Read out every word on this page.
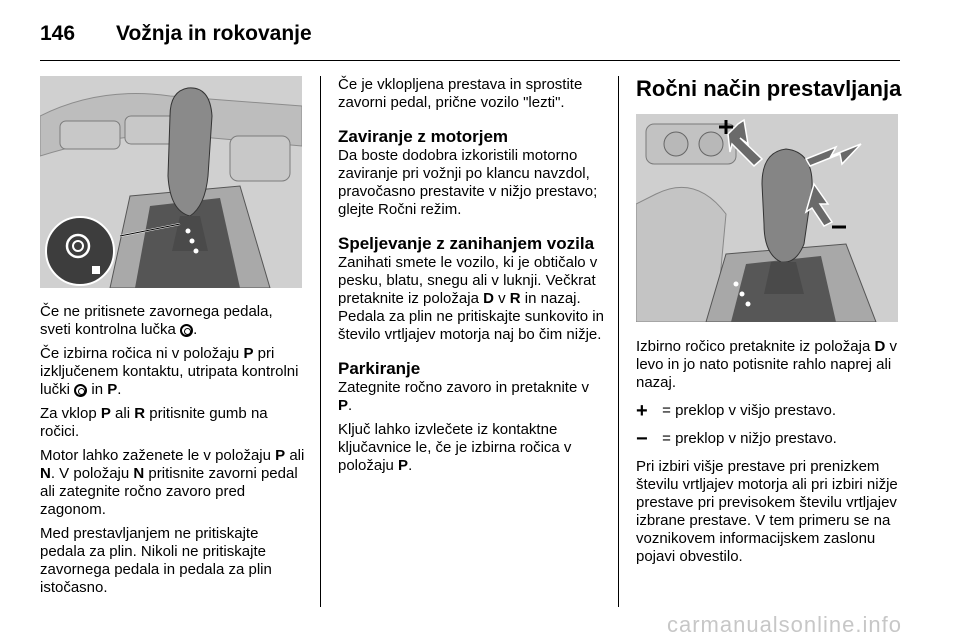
146 Vožnja in rokovanje

Če ne pritisnete zavornega pedala, sveti kontrolna lučka .

Če izbirna ročica ni v položaju P pri izključenem kontaktu, utripata kontrolni lučki  in P.

Za vklop P ali R pritisnite gumb na ročici.

Motor lahko zaženete le v položaju P ali N. V položaju N pritisnite zavorni pedal ali zategnite ročno zavoro pred zagonom.

Med prestavljanjem ne pritiskajte pedala za plin. Nikoli ne pritiskajte zavornega pedala in pedala za plin istočasno.

Če je vklopljena prestava in sprostite zavorni pedal, prične vozilo "lezti".

Zaviranje z motorjem

Da boste dodobra izkoristili motorno zaviranje pri vožnji po klancu navzdol, pravočasno prestavite v nižjo prestavo; glejte Ročni režim.

Speljevanje z zanihanjem vozila

Zanihati smete le vozilo, ki je obtičalo v pesku, blatu, snegu ali v luknji. Večkrat pretaknite iz položaja D v R in nazaj. Pedala za plin ne pritiskajte sunkovito in število vrtljajev motorja naj bo čim nižje.

Parkiranje

Zategnite ročno zavoro in pretaknite v P.

Ključ lahko izvlečete iz kontaktne ključavnice le, če je izbirna ročica v položaju P.

Ročni način prestavljanja

Izbirno ročico pretaknite iz položaja D v levo in jo nato potisnite rahlo naprej ali nazaj.

+ = preklop v višjo prestavo.

− = preklop v nižjo prestavo.

Pri izbiri višje prestave pri prenizkem številu vrtljajev motorja ali pri izbiri nižje prestave pri previsokem številu vrtljajev izbrane prestave. V tem primeru se na voznikovem informacijskem zaslonu pojavi obvestilo.

carmanualsonline.info
